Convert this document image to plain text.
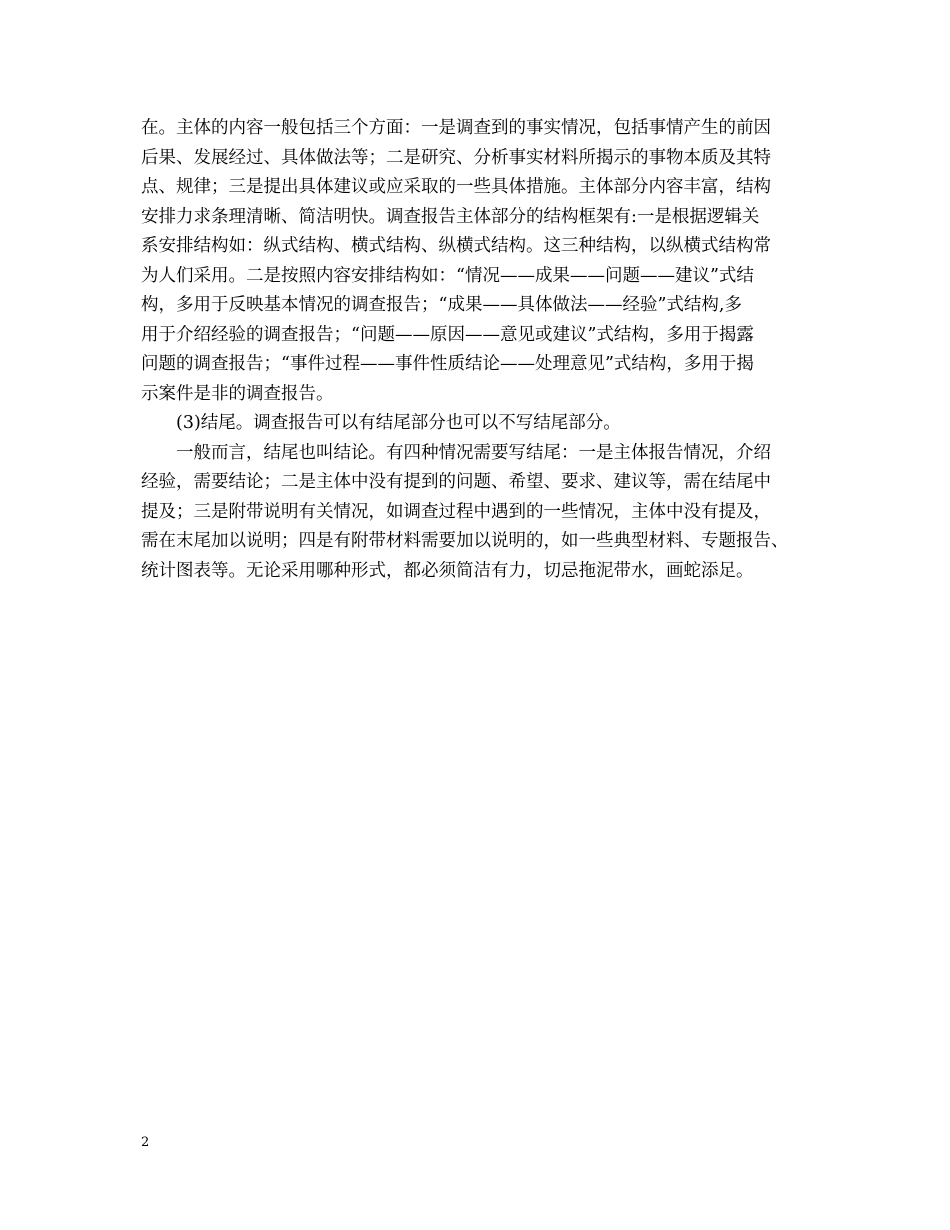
在。主体的内容一般包括三个方面：一是调查到的事实情况，包括事情产生的前因
后果、发展经过、具体做法等；二是研究、分析事实材料所揭示的事物本质及其特
点、规律；三是提出具体建议或应采取的一些具体措施。主体部分内容丰富，结构
安排力求条理清晰、简洁明快。调查报告主体部分的结构框架有:一是根据逻辑关
系安排结构如：纵式结构、横式结构、纵横式结构。这三种结构，以纵横式结构常
为人们采用。二是按照内容安排结构如：“情况——成果——问题——建议”式结
构，多用于反映基本情况的调查报告；“成果——具体做法——经验”式结构,多
用于介绍经验的调查报告；“问题——原因——意见或建议”式结构，多用于揭露
问题的调查报告；“事件过程——事件性质结论——处理意见”式结构，多用于揭
示案件是非的调查报告。
(3)结尾。调查报告可以有结尾部分也可以不写结尾部分。
一般而言，结尾也叫结论。有四种情况需要写结尾：一是主体报告情况，介绍
经验，需要结论；二是主体中没有提到的问题、希望、要求、建议等，需在结尾中
提及；三是附带说明有关情况，如调查过程中遇到的一些情况，主体中没有提及，
需在末尾加以说明；四是有附带材料需要加以说明的，如一些典型材料、专题报告、
统计图表等。无论采用哪种形式，都必须简洁有力，切忌拖泥带水，画蛇添足。
2
